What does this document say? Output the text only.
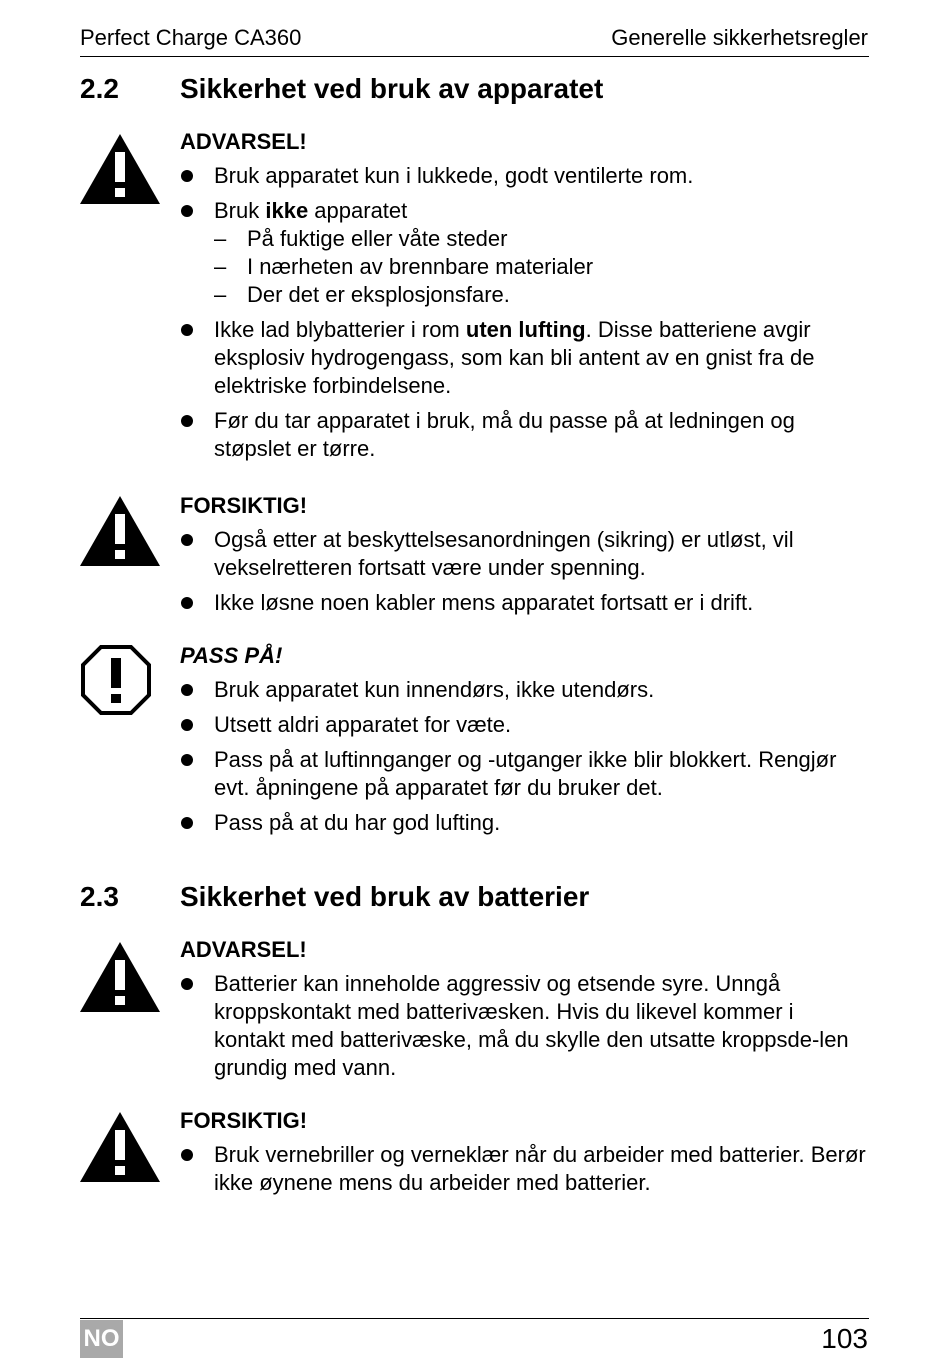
Perfect Charge CA360	Generelle sikkerhetsregler
2.2 Sikkerhet ved bruk av apparatet
ADVARSEL!
Bruk apparatet kun i lukkede, godt ventilerte rom.
Bruk ikke apparatet
– På fuktige eller våte steder
– I nærheten av brennbare materialer
– Der det er eksplosjonsfare.
Ikke lad blybatterier i rom uten lufting. Disse batteriene avgir eksplosiv hydrogengass, som kan bli antent av en gnist fra de elektriske forbindelsene.
Før du tar apparatet i bruk, må du passe på at ledningen og støpslet er tørre.
FORSIKTIG!
Også etter at beskyttelsesanordningen (sikring) er utløst, vil vekselretteren fortsatt være under spenning.
Ikke løsne noen kabler mens apparatet fortsatt er i drift.
PASS PÅ!
Bruk apparatet kun innendørs, ikke utendørs.
Utsett aldri apparatet for væte.
Pass på at luftinnganger og -utganger ikke blir blokkert. Rengjør evt. åpningene på apparatet før du bruker det.
Pass på at du har god lufting.
2.3 Sikkerhet ved bruk av batterier
ADVARSEL!
Batterier kan inneholde aggressiv og etsende syre. Unngå kroppskontakt med batterivæsken. Hvis du likevel kommer i kontakt med batterivæske, må du skylle den utsatte kroppsde-len grundig med vann.
FORSIKTIG!
Bruk vernebriller og verneklær når du arbeider med batterier. Berør ikke øynene mens du arbeider med batterier.
NO	103
